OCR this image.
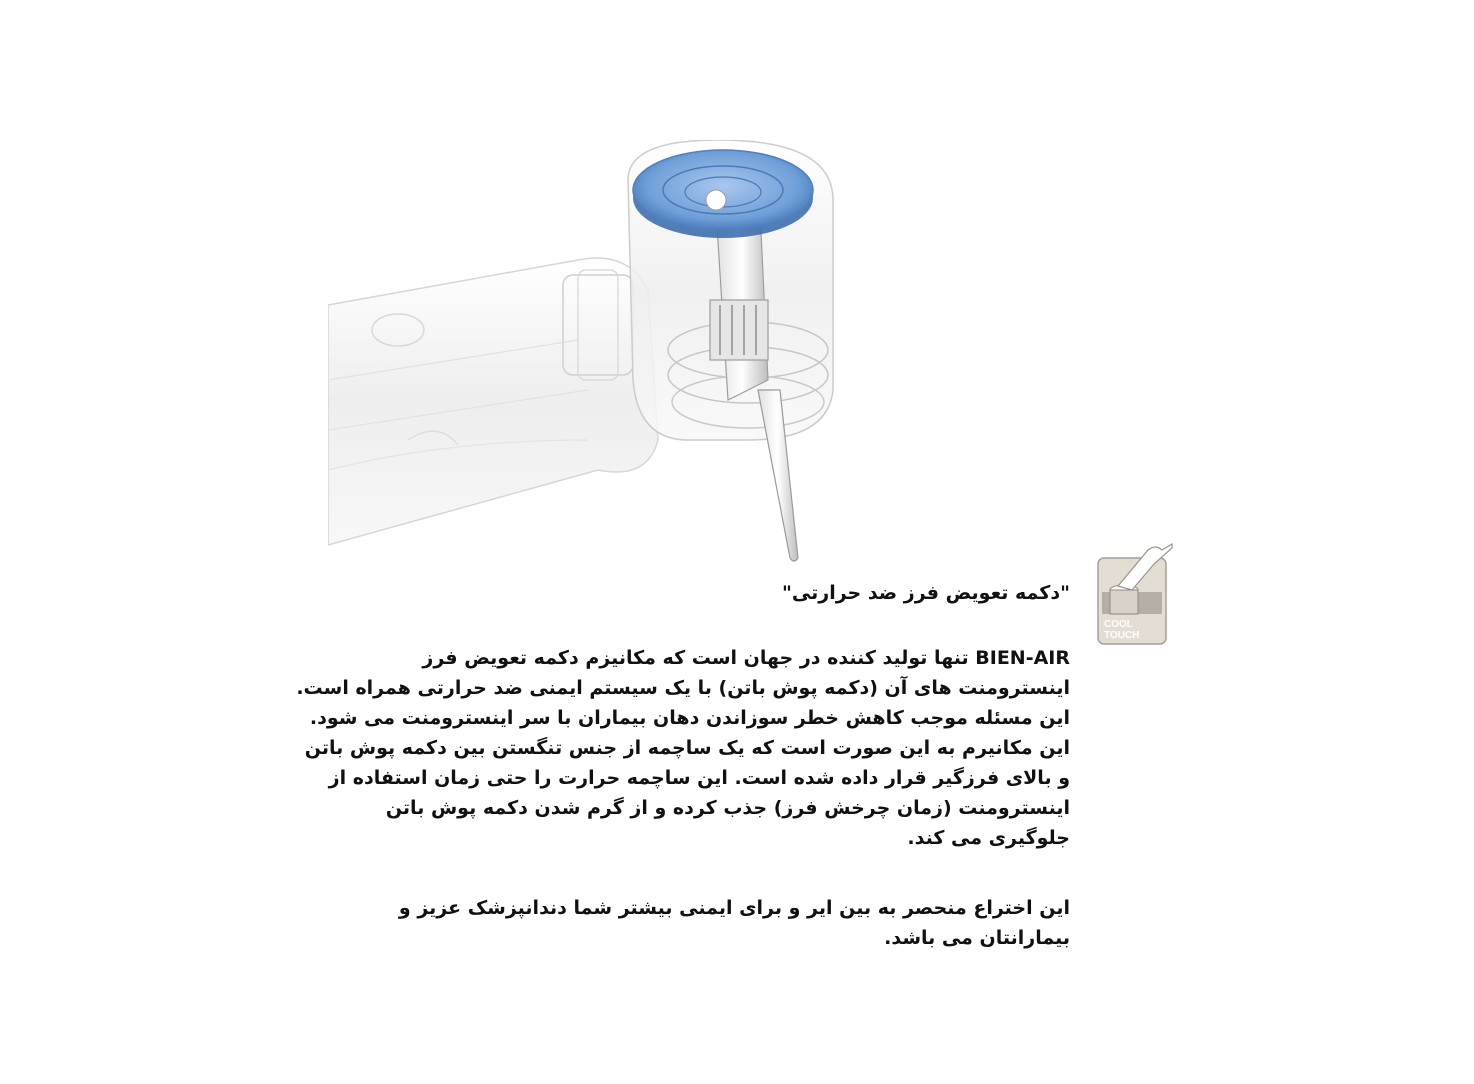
COOL
TOUCH
"دکمه تعویض فرز ضد حرارتی"
BIEN-AIR تنها تولید کننده در جهان است که مکانیزم دکمه تعویض فرز
اینسترومنت های آن (دکمه پوش باتن) با یک سیستم ایمنی ضد حرارتی همراه است.
این مسئله موجب کاهش خطر سوزاندن دهان بیماران با سر اینسترومنت می شود.
این مکانیرم به این صورت است که یک ساچمه از جنس تنگستن بین دکمه پوش باتن
و بالای فرزگیر قرار داده شده است. این ساچمه حرارت را حتی زمان استفاده از
اینسترومنت (زمان چرخش فرز) جذب کرده و از گرم شدن دکمه پوش باتن
جلوگیری می کند.
این اختراع منحصر به بین ایر و برای ایمنی بیشتر شما دندانپزشک عزیز و
بیمارانتان می باشد.
